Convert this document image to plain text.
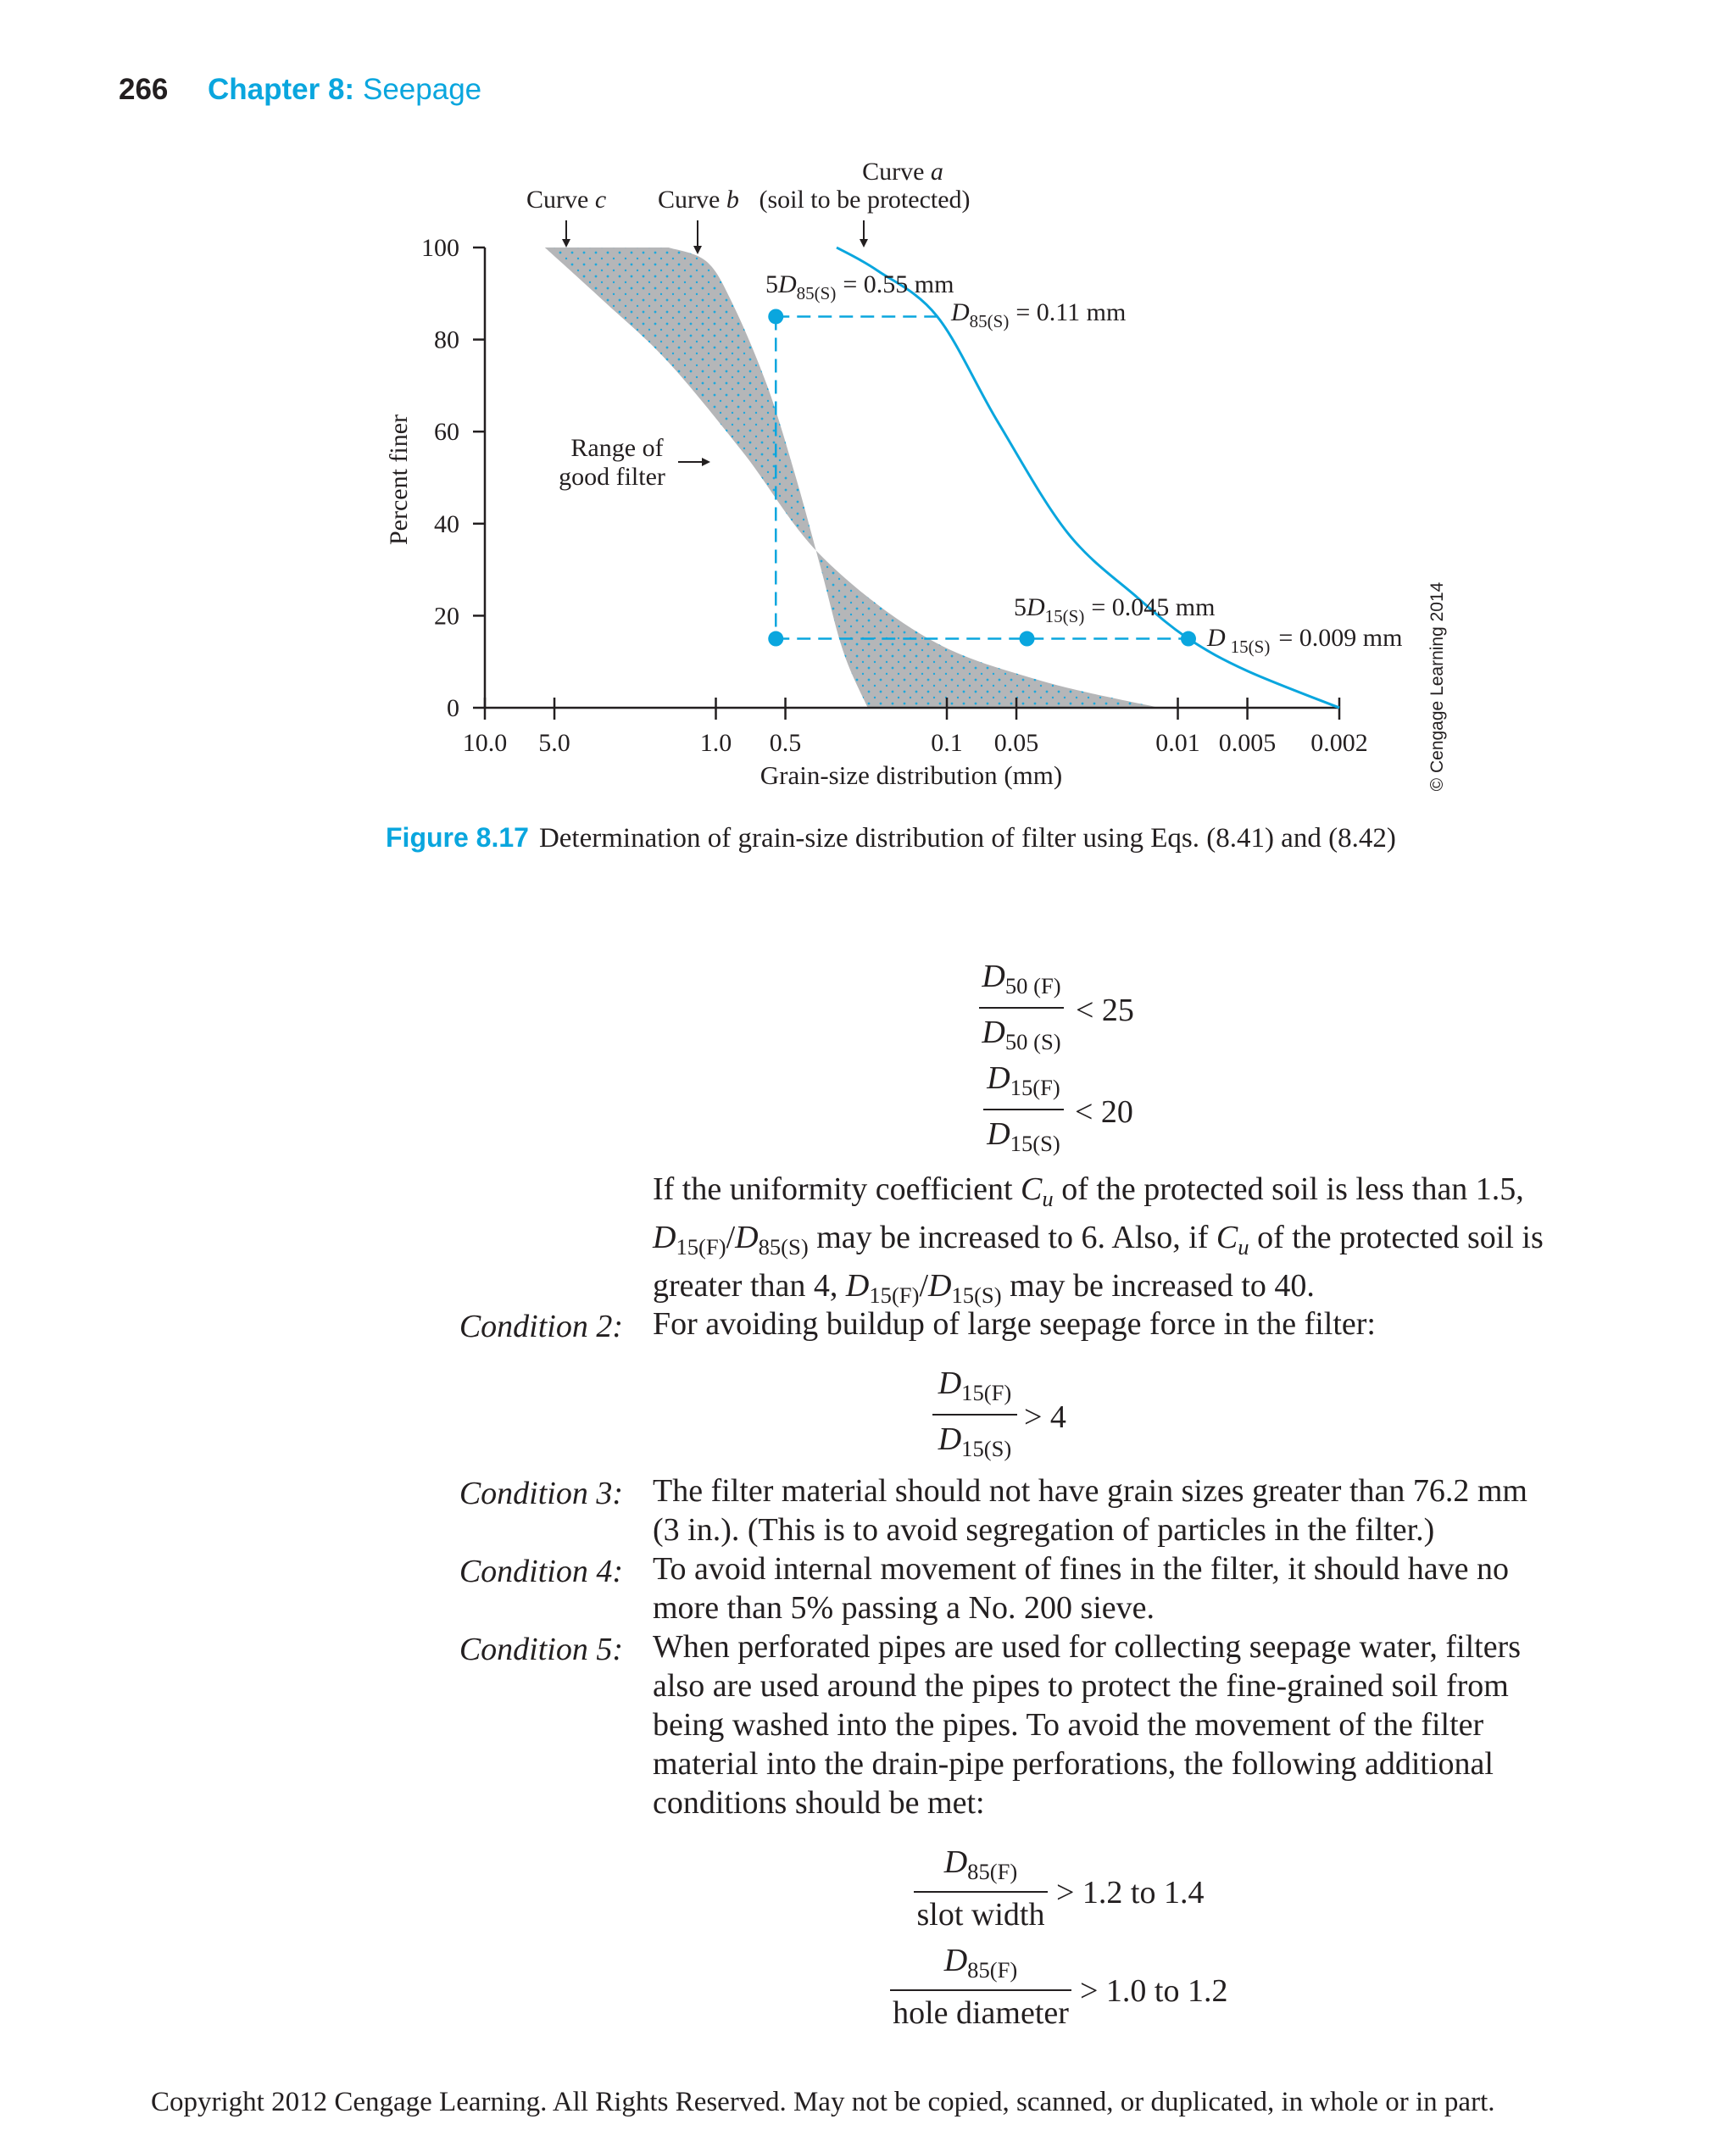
266 Chapter 8: Seepage
0
20
40
60
80
100
10.0 5.0	1.0 0.5	0.1 0.05	0.01 0.005 0.002
Percent finer
Grain-size distribution (mm)
Curve a
(soil to be protected)
Curve b
Curve c
Range of
good filter
$5D_{85(S)} = 0.55$ mm
$D_{85(S)} = 0.11$ mm
$5D_{15(S)} = 0.045$ mm
D $_{15(S)}$ = 0.009 mm © Cengage Learning 2014
Figure 8.17 Determination of grain-size distribution of filter using Eqs. (8.41) and (8.42)
$D_{50 (F)}$
$D_{50 (S)}$
< 25
$D_{15(F)}$
$D_{15(S)}$
< 20
If the uniformity coefficient $C_u$ of the protected soil is less than 1.5,
$D_{15(F)}/D_{85(S)}$ may be increased to 6. Also, if $C_u$ of the protected soil is
greater than 4, $D_{15(F)}/D_{15(S)}$ may be increased to 40.
Condition 2: For avoiding buildup of large seepage force in the filter:
$D_{15(F)}$
$D_{15(S)}$
> 4
Condition 3: The filter material should not have grain sizes greater than 76.2 mm
(3 in.). (This is to avoid segregation of particles in the filter.)
Condition 4: To avoid internal movement of fines in the filter, it should have no
more than 5% passing a No. 200 sieve.
Condition 5: When perforated pipes are used for collecting seepage water, filters
also are used around the pipes to protect the fine-grained soil from
being washed into the pipes. To avoid the movement of the filter
material into the drain-pipe perforations, the following additional
conditions should be met:
$D_{85(F)}$
slot width
> 1.2 to 1.4
$D_{85(F)}$
hole diameter
> 1.0 to 1.2
Copyright 2012 Cengage Learning. All Rights Reserved. May not be copied, scanned, or duplicated, in whole or in part.
